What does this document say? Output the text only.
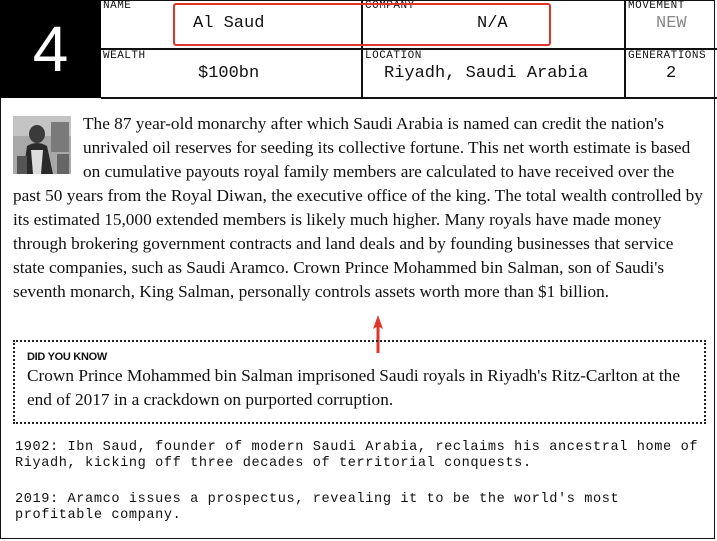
4
NAME
Al Saud
COMPANY
N/A
MOVEMENT
NEW
WEALTH
$100bn
LOCATION
Riyadh, Saudi Arabia
GENERATIONS
2

The 87 year-old monarchy after which Saudi Arabia is named can credit the nation's unrivaled oil reserves for seeding its collective fortune. This net worth estimate is based on cumulative payouts royal family members are calculated to have received over the past 50 years from the Royal Diwan, the executive office of the king. The total wealth controlled by its estimated 15,000 extended members is likely much higher. Many royals have made money through brokering government contracts and land deals and by founding businesses that service state companies, such as Saudi Aramco. Crown Prince Mohammed bin Salman, son of Saudi's seventh monarch, King Salman, personally controls assets worth more than $1 billion.

DID YOU KNOW
Crown Prince Mohammed bin Salman imprisoned Saudi royals in Riyadh's Ritz-Carlton at the end of 2017 in a crackdown on purported corruption.

1902: Ibn Saud, founder of modern Saudi Arabia, reclaims his ancestral home of Riyadh, kicking off three decades of territorial conquests.

2019: Aramco issues a prospectus, revealing it to be the world's most profitable company.
